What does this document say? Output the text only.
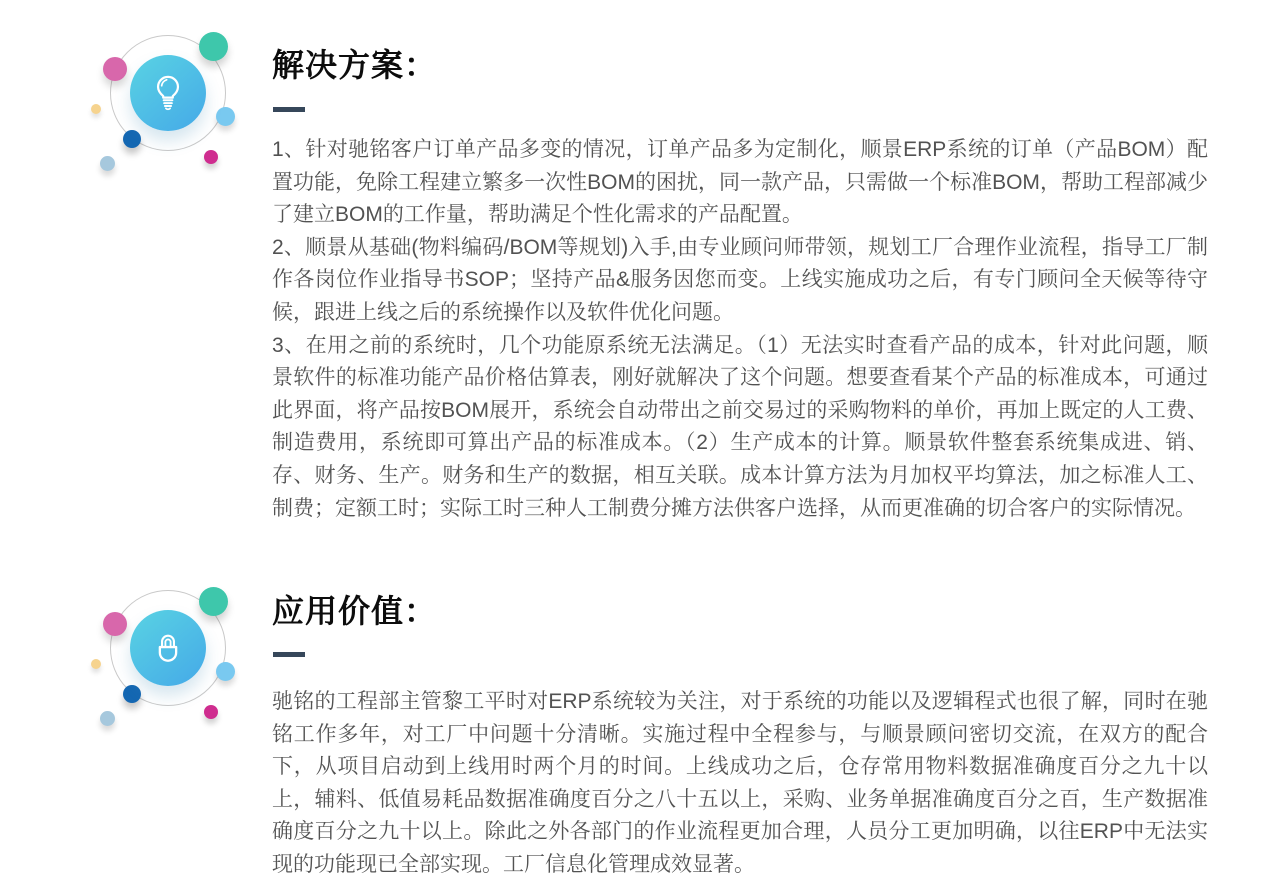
解决方案：

1、针对驰铭客户订单产品多变的情况，订单产品多为定制化，顺景ERP系统的订单（产品BOM）配置功能，免除工程建立繁多一次性BOM的困扰，同一款产品，只需做一个标准BOM，帮助工程部减少了建立BOM的工作量，帮助满足个性化需求的产品配置。

2、顺景从基础(物料编码/BOM等规划)入手,由专业顾问师带领，规划工厂合理作业流程，指导工厂制作各岗位作业指导书SOP；坚持产品&服务因您而变。上线实施成功之后，有专门顾问全天候等待守候，跟进上线之后的系统操作以及软件优化问题。

3、在用之前的系统时，几个功能原系统无法满足。（1）无法实时查看产品的成本，针对此问题，顺景软件的标准功能产品价格估算表，刚好就解决了这个问题。想要查看某个产品的标准成本，可通过此界面，将产品按BOM展开，系统会自动带出之前交易过的采购物料的单价，再加上既定的人工费、制造费用，系统即可算出产品的标准成本。（2）生产成本的计算。顺景软件整套系统集成进、销、存、财务、生产。财务和生产的数据，相互关联。成本计算方法为月加权平均算法，加之标准人工、制费；定额工时；实际工时三种人工制费分摊方法供客户选择，从而更准确的切合客户的实际情况。

应用价值：

驰铭的工程部主管黎工平时对ERP系统较为关注，对于系统的功能以及逻辑程式也很了解，同时在驰铭工作多年，对工厂中问题十分清晰。实施过程中全程参与，与顺景顾问密切交流，在双方的配合下，从项目启动到上线用时两个月的时间。上线成功之后，仓存常用物料数据准确度百分之九十以上，辅料、低值易耗品数据准确度百分之八十五以上，采购、业务单据准确度百分之百，生产数据准确度百分之九十以上。除此之外各部门的作业流程更加合理，人员分工更加明确，以往ERP中无法实现的功能现已全部实现。工厂信息化管理成效显著。
